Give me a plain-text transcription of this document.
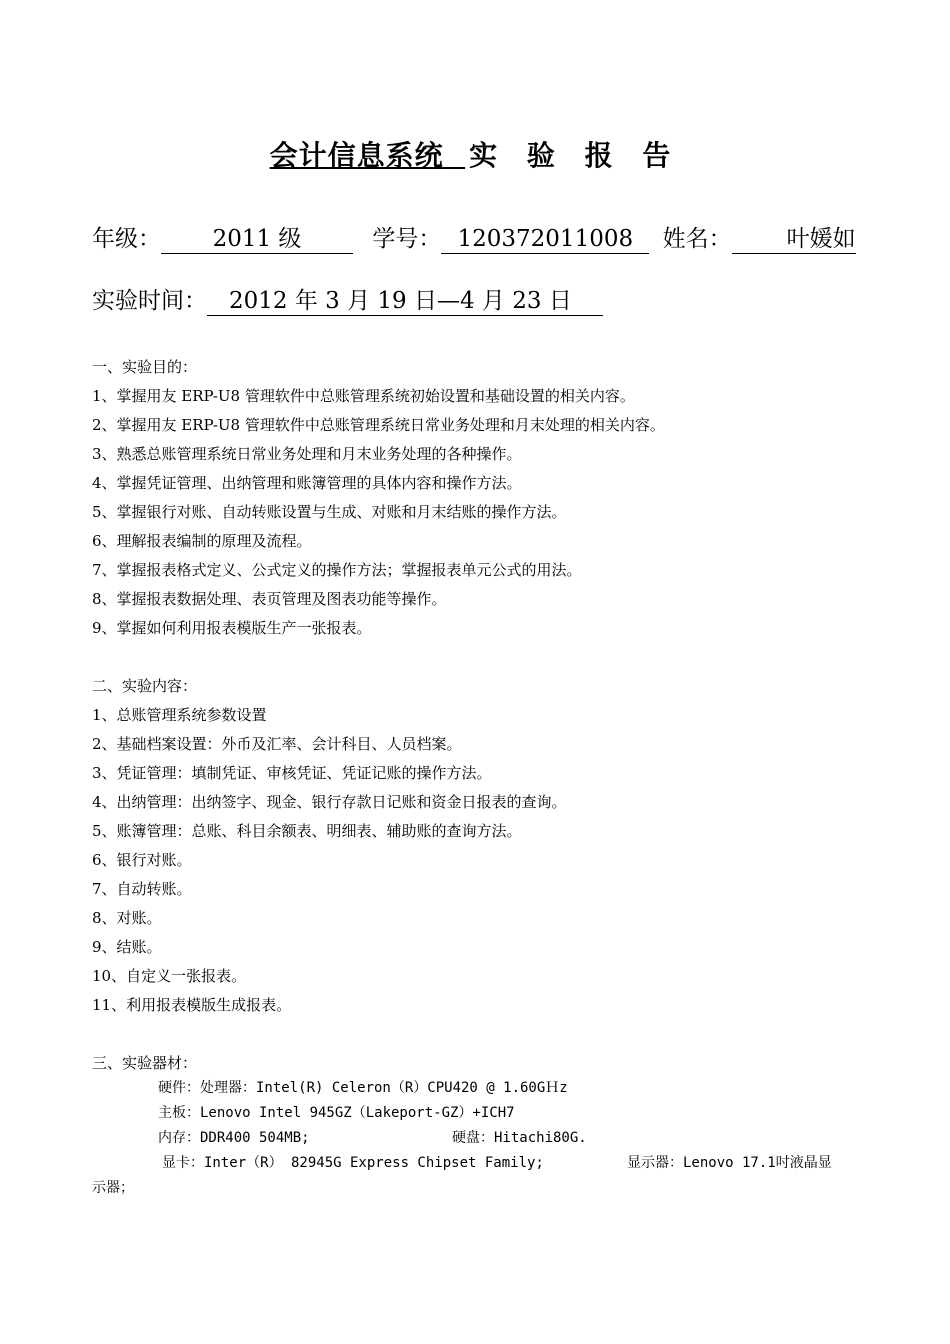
会计信息系统 实 验 报 告
年级： 2011 级	学号： 120372011008 姓名： 叶媛如
实验时间： 2012 年 3 月 19 日—4 月 23 日
一、实验目的：
1、掌握用友 ERP-U8 管理软件中总账管理系统初始设置和基础设置的相关内容。
2、掌握用友 ERP-U8 管理软件中总账管理系统日常业务处理和月末处理的相关内容。
3、熟悉总账管理系统日常业务处理和月末业务处理的各种操作。
4、掌握凭证管理、出纳管理和账簿管理的具体内容和操作方法。
5、掌握银行对账、自动转账设置与生成、对账和月末结账的操作方法。
6、理解报表编制的原理及流程。
7、掌握报表格式定义、公式定义的操作方法；掌握报表单元公式的用法。
8、掌握报表数据处理、表页管理及图表功能等操作。
9、掌握如何利用报表模版生产一张报表。
二、实验内容：
1、总账管理系统参数设置
2、基础档案设置：外币及汇率、会计科目、人员档案。
3、凭证管理：填制凭证、审核凭证、凭证记账的操作方法。
4、出纳管理：出纳签字、现金、银行存款日记账和资金日报表的查询。
5、账簿管理：总账、科目余额表、明细表、辅助账的查询方法。
6、银行对账。
7、自动转账。
8、对账。
9、结账。
10、自定义一张报表。
11、利用报表模版生成报表。
三、实验器材：
硬件：处理器：Intel(R) Celeron（R）CPU420 @ 1.60GＨz
主板：Lenovo Intel 945GZ（Lakeport-GZ）+ICH7
内存：DDR400 504MB;	硬盘：Hitachi80G.
显卡：Inter（R） 82945G Express Chipset Family;	显示器：Lenovo 17.1吋液晶显
示器；
